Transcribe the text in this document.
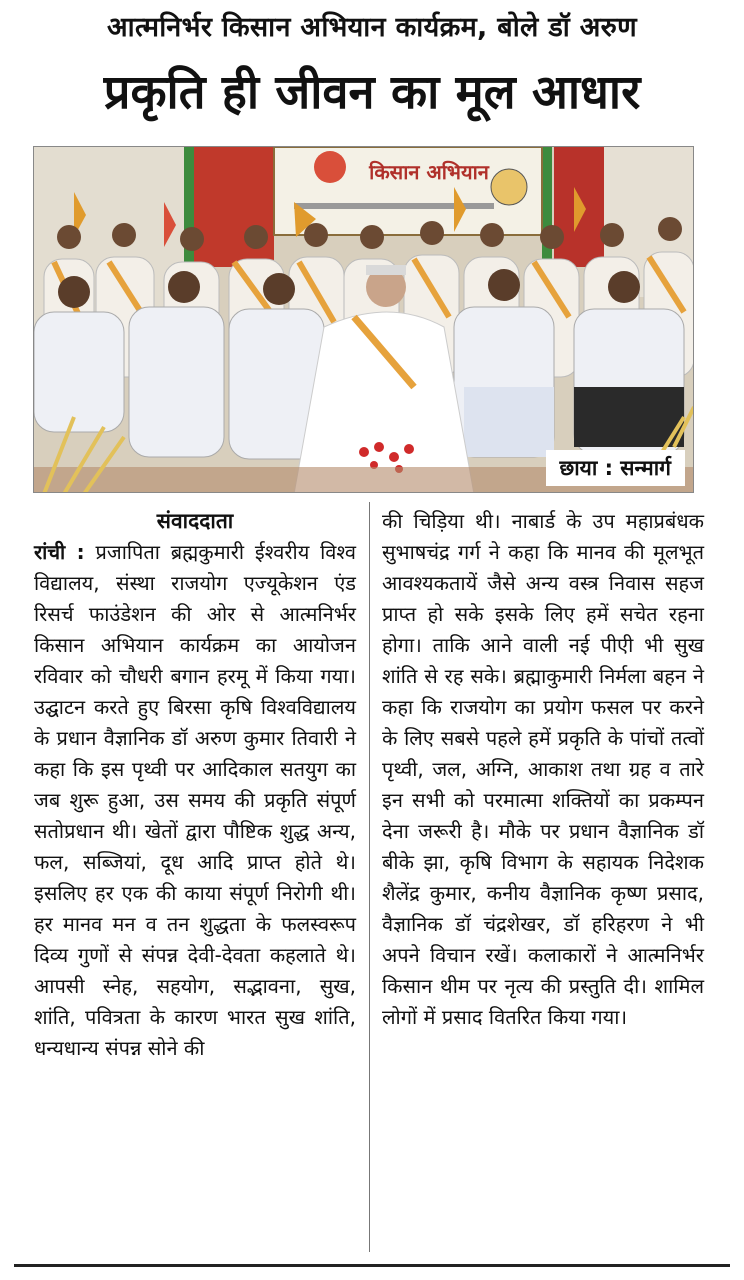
आत्मनिर्भर किसान अभियान कार्यक्रम, बोले डॉ अरुण
प्रकृति ही जीवन का मूल आधार
किसान अभियान
छाया : सन्मार्ग
संवाददाता
रांची : प्रजापिता ब्रह्मकुमारी ईश्वरीय विश्व विद्यालय, संस्था राजयोग एज्यूकेशन एंड रिसर्च फाउंडेशन की ओर से आत्मनिर्भर किसान अभियान कार्यक्रम का आयोजन रविवार को चौधरी बगान हरमू में किया गया। उद्घाटन करते हुए बिरसा कृषि विश्वविद्यालय के प्रधान वैज्ञानिक डॉ अरुण कुमार तिवारी ने कहा कि इस पृथ्वी पर आदिकाल सतयुग का जब शुरू हुआ, उस समय की प्रकृति संपूर्ण सतोप्रधान थी। खेतों द्वारा पौष्टिक शुद्ध अन्य, फल, सब्जियां, दूध आदि प्राप्त होते थे। इसलिए हर एक की काया संपूर्ण निरोगी थी। हर मानव मन व तन शुद्धता के फलस्वरूप दिव्य गुणों से संपन्न देवी-देवता कहलाते थे। आपसी स्नेह, सहयोग, सद्भावना, सुख, शांति, पवित्रता के कारण भारत सुख शांति, धन्यधान्य संपन्न सोने की
की चिड़िया थी। नाबार्ड के उप महाप्रबंधक सुभाषचंद्र गर्ग ने कहा कि मानव की मूलभूत आवश्यकतायें जैसे अन्य वस्त्र निवास सहज प्राप्त हो सके इसके लिए हमें सचेत रहना होगा। ताकि आने वाली नई पीएी भी सुख शांति से रह सके। ब्रह्माकुमारी निर्मला बहन ने कहा कि राजयोग का प्रयोग फसल पर करने के लिए सबसे पहले हमें प्रकृति के पांचों तत्वों पृथ्वी, जल, अग्नि, आकाश तथा ग्रह व तारे इन सभी को परमात्मा शक्तियों का प्रकम्पन देना जरूरी है। मौके पर प्रधान वैज्ञानिक डॉ बीके झा, कृषि विभाग के सहायक निदेशक शैलेंद्र कुमार, कनीय वैज्ञानिक कृष्ण प्रसाद, वैज्ञानिक डॉ चंद्रशेखर, डॉ हरिहरण ने भी अपने विचान रखें। कलाकारों ने आत्मनिर्भर किसान थीम पर नृत्य की प्रस्तुति दी। शामिल लोगों में प्रसाद वितरित किया गया।
